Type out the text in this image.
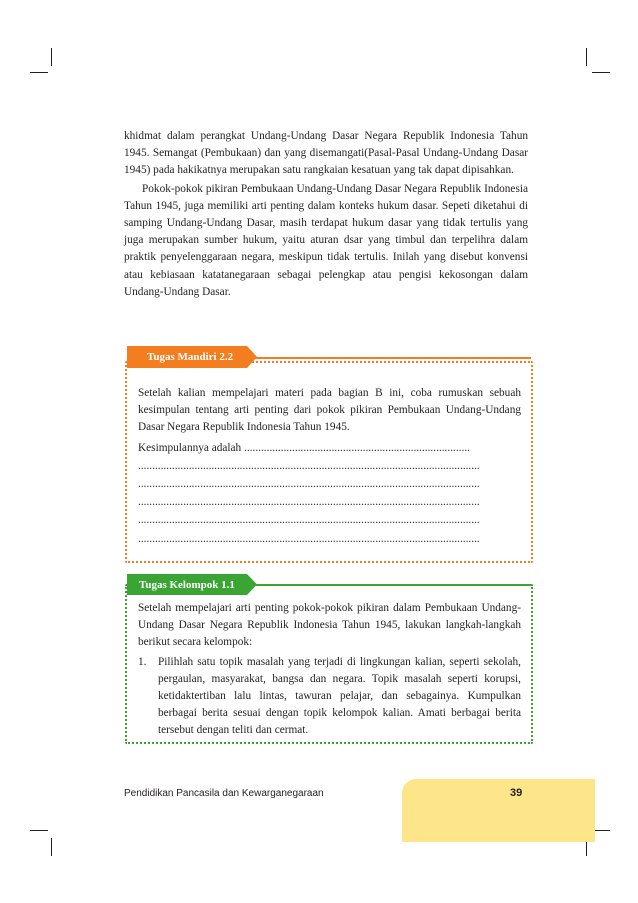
khidmat dalam perangkat Undang-Undang Dasar Negara Republik Indonesia Tahun 1945. Semangat (Pembukaan) dan yang disemangati(Pasal-Pasal Undang-Undang Dasar 1945) pada hakikatnya merupakan satu rangkaian kesatuan yang tak dapat dipisahkan.

Pokok-pokok pikiran Pembukaan Undang-Undang Dasar Negara Republik Indonesia Tahun 1945, juga memiliki arti penting dalam konteks hukum dasar. Sepeti diketahui di samping Undang-Undang Dasar, masih terdapat hukum dasar yang tidak tertulis yang juga merupakan sumber hukum, yaitu aturan dsar yang timbul dan terpelihra dalam praktik penyelenggaraan negara, meskipun tidak tertulis. Inilah yang disebut konvensi atau kebiasaan katatanegaraan sebagai pelengkap atau pengisi kekosongan dalam Undang-Undang Dasar.

Setelah kalian mempelajari materi pada bagian B ini, coba rumuskan sebuah kesimpulan tentang arti penting dari pokok pikiran Pembukaan Undang-Undang Dasar Negara Republik Indonesia Tahun 1945.
Kesimpulannya adalah ................................................................................
.........................................................................................................................
.........................................................................................................................
.........................................................................................................................
.........................................................................................................................
.........................................................................................................................
Tugas Mandiri 2.2
Setelah mempelajari arti penting pokok-pokok pikiran dalam Pembukaan Undang-Undang Dasar Negara Republik Indonesia Tahun 1945, lakukan langkah-langkah berikut secara kelompok:
1. Pilihlah satu topik masalah yang terjadi di lingkungan kalian, seperti sekolah, pergaulan, masyarakat, bangsa dan negara. Topik masalah seperti korupsi, ketidaktertiban lalu lintas, tawuran pelajar, dan sebagainya. Kumpulkan berbagai berita sesuai dengan topik kelompok kalian. Amati berbagai berita tersebut dengan teliti dan cermat.
Tugas Kelompok 1.1
Pendidikan Pancasila dan Kewarganegaraan	39
